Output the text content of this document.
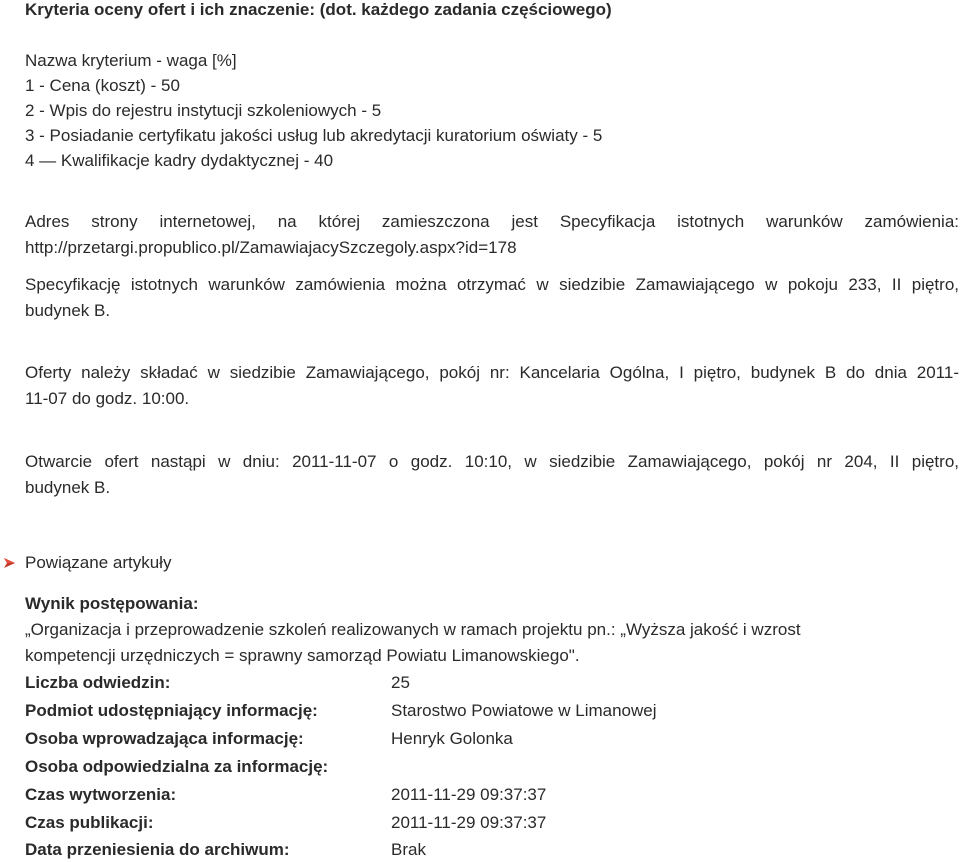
Kryteria oceny ofert i ich znaczenie: (dot. każdego zadania częściowego)
Nazwa kryterium - waga [%]
1 - Cena (koszt) - 50
2 - Wpis do rejestru instytucji szkoleniowych - 5
3 - Posiadanie certyfikatu jakości usług lub akredytacji kuratorium oświaty - 5
4 — Kwalifikacje kadry dydaktycznej - 40
Adres strony internetowej, na której zamieszczona jest Specyfikacja istotnych warunków zamówienia:
http://przetargi.propublico.pl/ZamawiajacySzczegoly.aspx?id=178
Specyfikację istotnych warunków zamówienia można otrzymać w siedzibie Zamawiającego w pokoju 233, II piętro,
budynek B.
Oferty należy składać w siedzibie Zamawiającego, pokój nr: Kancelaria Ogólna, I piętro, budynek B do dnia 2011-
11-07 do godz. 10:00.
Otwarcie ofert nastąpi w dniu: 2011-11-07 o godz. 10:10, w siedzibie Zamawiającego, pokój nr 204, II piętro,
budynek B.
Powiązane artykuły
Wynik postępowania:
„Organizacja i przeprowadzenie szkoleń realizowanych w ramach projektu pn.: „Wyższa jakość i wzrost
kompetencji urzędniczych = sprawny samorząd Powiatu Limanowskiego".
Liczba odwiedzin:	25
Podmiot udostępniający informację:	Starostwo Powiatowe w Limanowej
Osoba wprowadzająca informację:	Henryk Golonka
Osoba odpowiedzialna za informację:
Czas wytworzenia:	2011-11-29 09:37:37
Czas publikacji:	2011-11-29 09:37:37
Data przeniesienia do archiwum:	Brak
